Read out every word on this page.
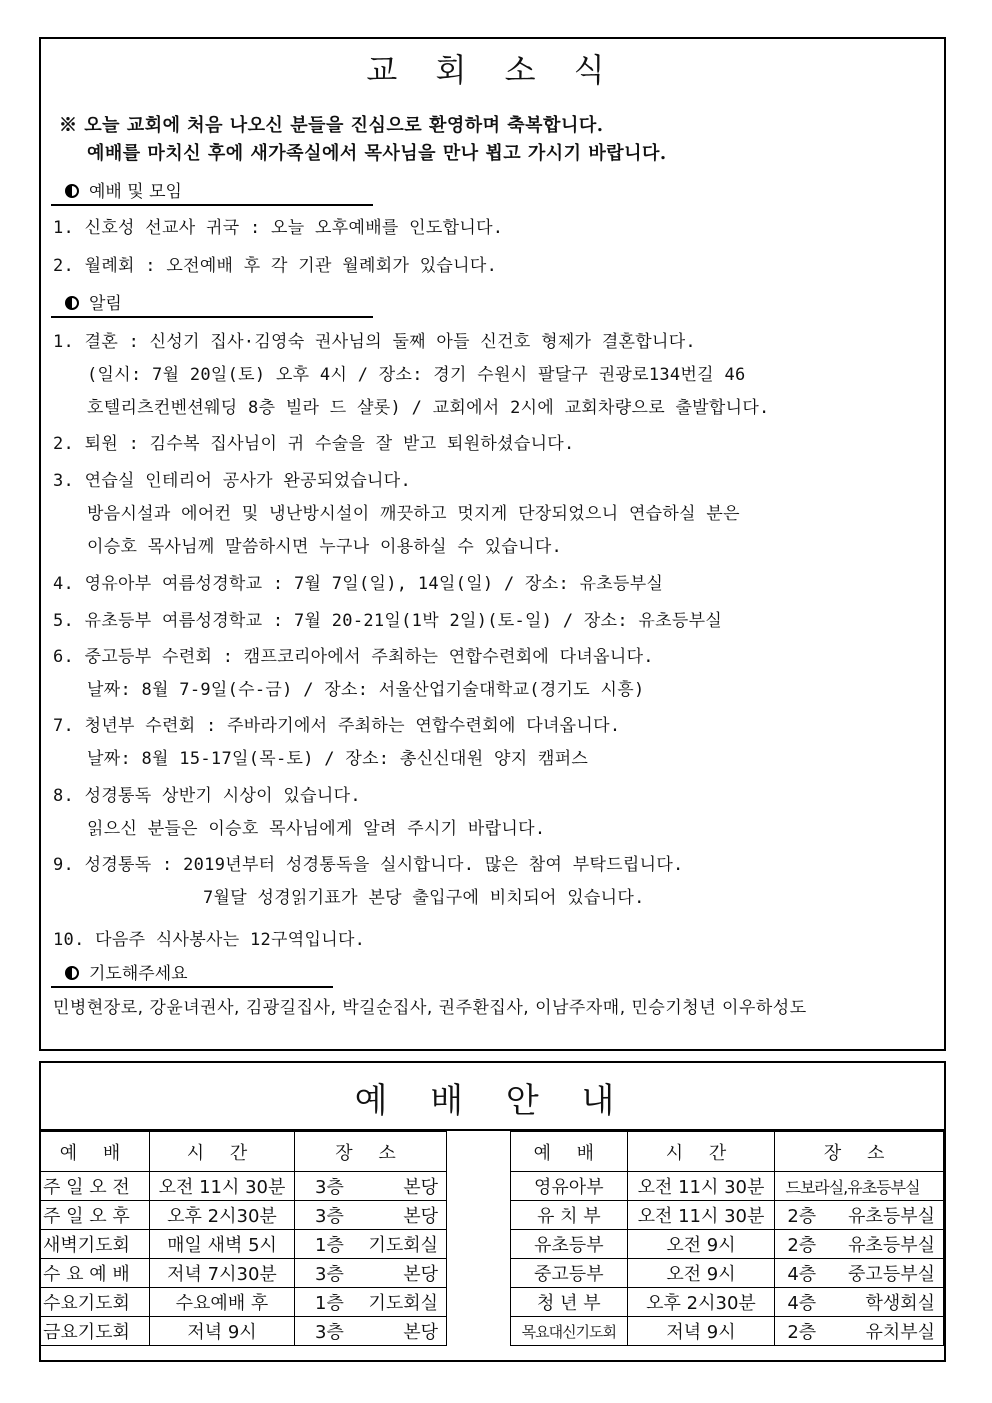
교 회 소 식
※ 오늘 교회에 처음 나오신 분들을 진심으로 환영하며 축복합니다.
예배를 마치신 후에 새가족실에서 목사님을 만나 뵙고 가시기 바랍니다.
예배 및 모임
1. 신호성 선교사 귀국 : 오늘 오후예배를 인도합니다.
2. 월례회 : 오전예배 후 각 기관 월례회가 있습니다.
알림
1. 결혼 : 신성기 집사·김영숙 권사님의 둘째 아들 신건호 형제가 결혼합니다.
(일시: 7월 20일(토) 오후 4시 / 장소: 경기 수원시 팔달구 권광로134번길 46
호텔리츠컨벤션웨딩 8층 빌라 드 샬롯) / 교회에서 2시에 교회차량으로 출발합니다.
2. 퇴원 : 김수복 집사님이 귀 수술을 잘 받고 퇴원하셨습니다.
3. 연습실 인테리어 공사가 완공되었습니다.
방음시설과 에어컨 및 냉난방시설이 깨끗하고 멋지게 단장되었으니 연습하실 분은
이승호 목사님께 말씀하시면 누구나 이용하실 수 있습니다.
4. 영유아부 여름성경학교 : 7월 7일(일), 14일(일) / 장소: 유초등부실
5. 유초등부 여름성경학교 : 7월 20-21일(1박 2일)(토-일) / 장소: 유초등부실
6. 중고등부 수련회 : 캠프코리아에서 주최하는 연합수련회에 다녀옵니다.
날짜: 8월 7-9일(수-금) / 장소: 서울산업기술대학교(경기도 시흥)
7. 청년부 수련회 : 주바라기에서 주최하는 연합수련회에 다녀옵니다.
날짜: 8월 15-17일(목-토) / 장소: 총신신대원 양지 캠퍼스
8. 성경통독 상반기 시상이 있습니다.
읽으신 분들은 이승호 목사님에게 알려 주시기 바랍니다.
9. 성경통독 : 2019년부터 성경통독을 실시합니다. 많은 참여 부탁드립니다.
7월달 성경읽기표가 본당 출입구에 비치되어 있습니다.
10. 다음주 식사봉사는 12구역입니다.
기도해주세요
민병현장로, 강윤녀권사, 김광길집사, 박길순집사, 권주환집사, 이남주자매, 민승기청년 이우하성도
예 배 안 내
예 배	시 간	장 소
주 일 오 전	오전 11시 30분	3층 본당

주 일 오 후	오후 2시30분	3층 본당

새벽기도회	매일 새벽 5시	1층 기도회실

수 요 예 배	저녁 7시30분	3층 본당

수요기도회	수요예배 후	1층 기도회실

금요기도회	저녁 9시	3층 본당
예 배	시 간	장 소
영유아부	오전 11시 30분	드보라실,유초등부실

유 치 부	오전 11시 30분	2층 유초등부실

유초등부	오전 9시	2층 유초등부실

중고등부	오전 9시	4층 중고등부실

청 년 부	오후 2시30분	4층 학생회실

목요대신기도회	저녁 9시	2층 유치부실
